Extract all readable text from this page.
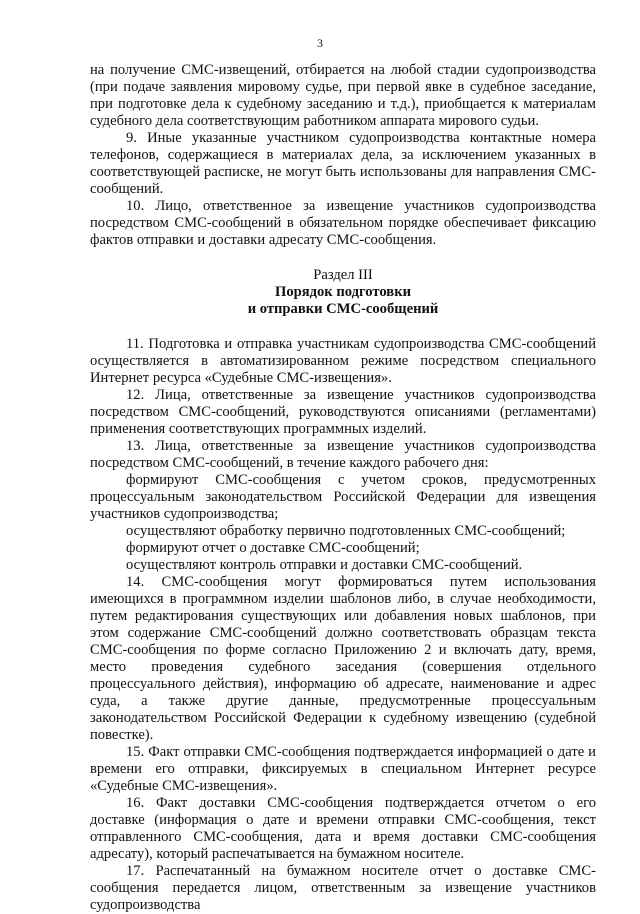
3

на получение СМС-извещений, отбирается на любой стадии судопроизводства (при подаче заявления мировому судье, при первой явке в судебное заседание, при подготовке дела к судебному заседанию и т.д.), приобщается к материалам судебного дела соответствующим работником аппарата мирового судьи.

9. Иные указанные участником судопроизводства контактные номера телефонов, содержащиеся в материалах дела, за исключением указанных в соответствующей расписке, не могут быть использованы для направления СМС-сообщений.

10. Лицо, ответственное за извещение участников судопроизводства посредством СМС-сообщений в обязательном порядке обеспечивает фиксацию фактов отправки и доставки адресату СМС-сообщения.

Раздел III
Порядок подготовки
и отправки СМС-сообщений

11. Подготовка и отправка участникам судопроизводства СМС-сообщений осуществляется в автоматизированном режиме посредством специального Интернет ресурса «Судебные СМС-извещения».

12. Лица, ответственные за извещение участников судопроизводства посредством СМС-сообщений, руководствуются описаниями (регламентами) применения соответствующих программных изделий.

13. Лица, ответственные за извещение участников судопроизводства посредством СМС-сообщений, в течение каждого рабочего дня:

формируют СМС-сообщения с учетом сроков, предусмотренных процессуальным законодательством Российской Федерации для извещения участников судопроизводства;

осуществляют обработку первично подготовленных СМС-сообщений;

формируют отчет о доставке СМС-сообщений;

осуществляют контроль отправки и доставки СМС-сообщений.

14. СМС-сообщения могут формироваться путем использования имеющихся в программном изделии шаблонов либо, в случае необходимости, путем редактирования существующих или добавления новых шаблонов, при этом содержание СМС-сообщений должно соответствовать образцам текста СМС-сообщения по форме согласно Приложению 2 и включать дату, время, место проведения судебного заседания (совершения отдельного процессуального действия), информацию об адресате, наименование и адрес суда, а также другие данные, предусмотренные процессуальным законодательством Российской Федерации к судебному извещению (судебной повестке).

15. Факт отправки СМС-сообщения подтверждается информацией о дате и времени его отправки, фиксируемых в специальном Интернет ресурсе «Судебные СМС-извещения».

16. Факт доставки СМС-сообщения подтверждается отчетом о его доставке (информация о дате и времени отправки СМС-сообщения, текст отправленного СМС-сообщения, дата и время доставки СМС-сообщения адресату), который распечатывается на бумажном носителе.

17. Распечатанный на бумажном носителе отчет о доставке СМС-сообщения передается лицом, ответственным за извещение участников судопроизводства
